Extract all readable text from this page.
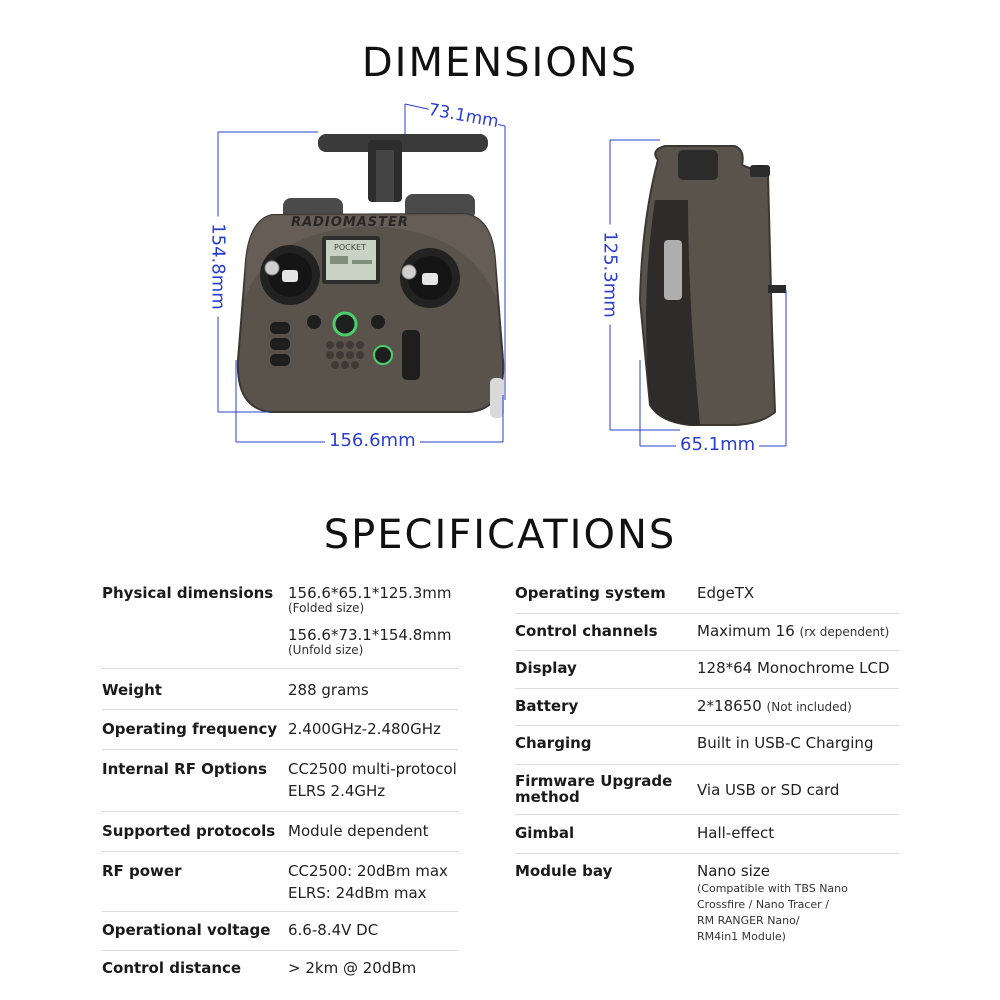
DIMENSIONS
SPECIFICATIONS
RADIOMASTER
POCKET
73.1mm
154.8mm
156.6mm
125.3mm
65.1mm
Physical dimensions 156.6*65.1*125.3mm
(Folded size)
156.6*73.1*154.8mm
(Unfold size)
Weight	288 grams
Operating frequency 2.400GHz-2.480GHz
Internal RF Options CC2500 multi-protocol
ELRS 2.4GHz
Supported protocols Module dependent
RF power	CC2500: 20dBm max
ELRS: 24dBm max
Operational voltage 6.6-8.4V DC
Control distance	> 2km @ 20dBm
Operating system EdgeTX
Control channels	Maximum 16 (rx dependent)
Display	128*64 Monochrome LCD
Battery	2*18650 (Not included)
Charging	Built in USB-C Charging
Firmware Upgrade
method	Via USB or SD card
Gimbal	Hall-effect
Module bay	Nano size
(Compatible with TBS Nano
Crossfire / Nano Tracer /
RM RANGER Nano/
RM4in1 Module)
